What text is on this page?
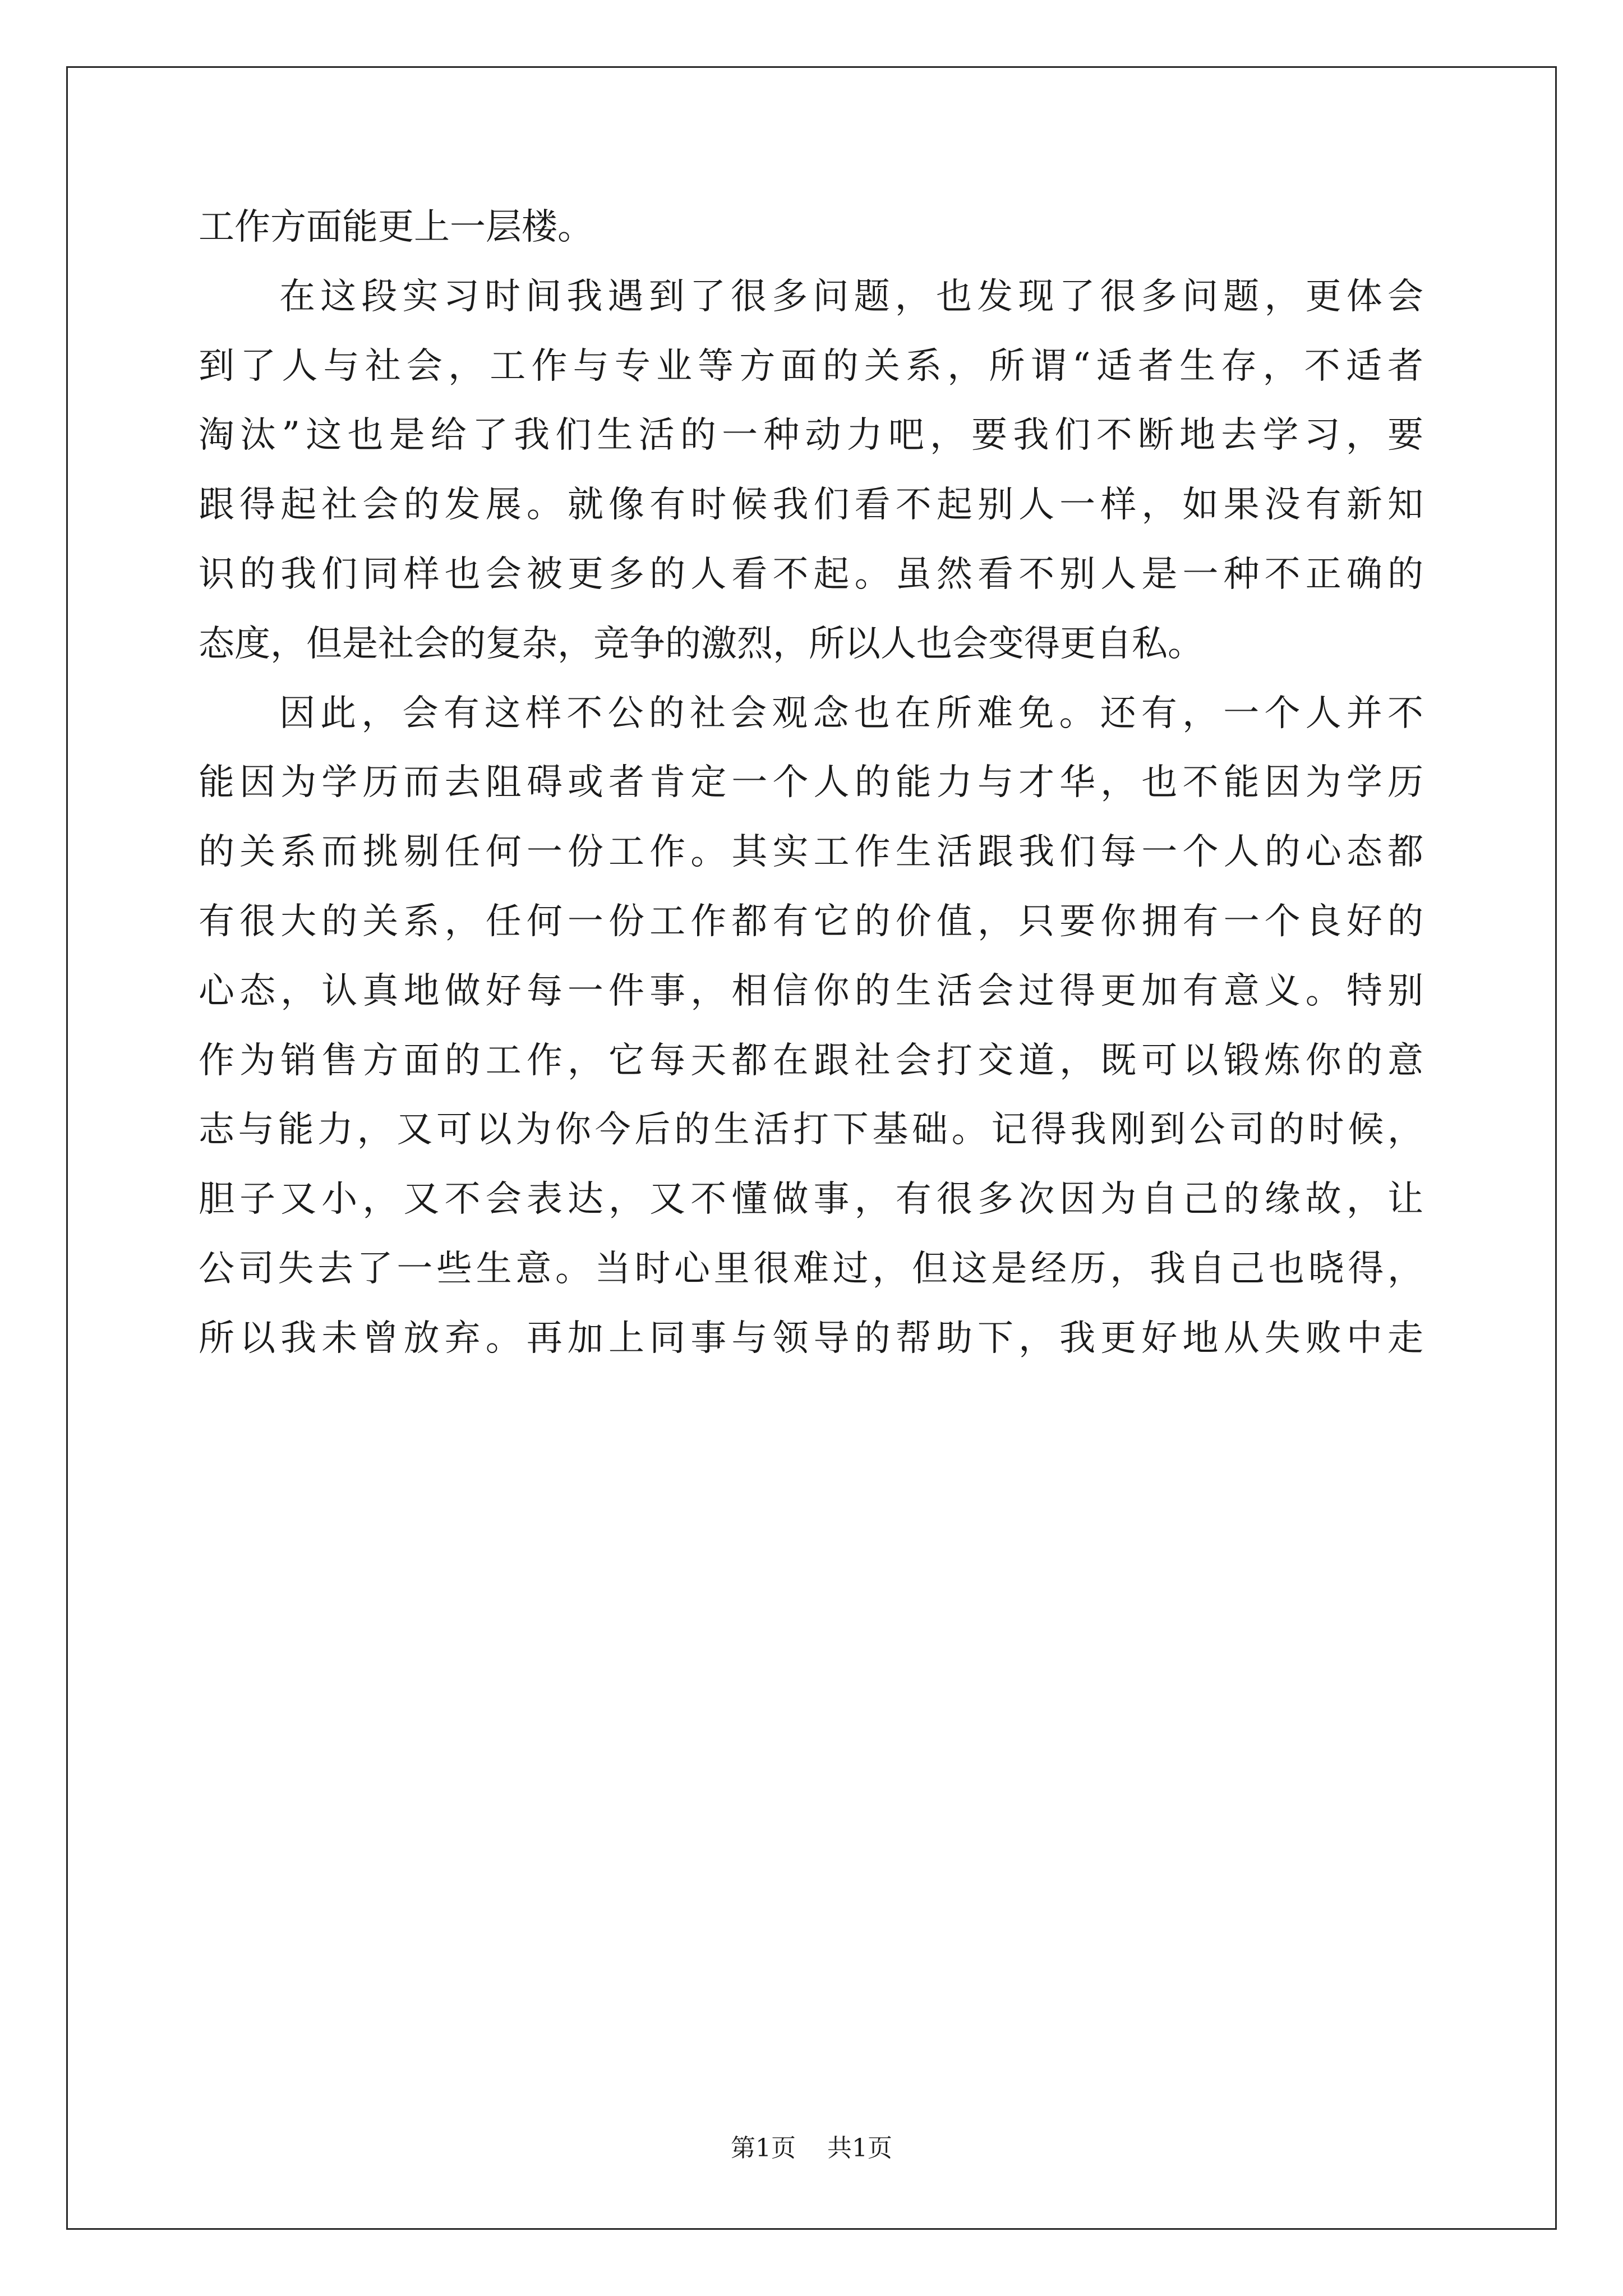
工作方面能更上一层楼。
在这段实习时间我遇到了很多问题，也发现了很多问题，更体会
到了人与社会，工作与专业等方面的关系，所谓“适者生存，不适者
淘汰”这也是给了我们生活的一种动力吧，要我们不断地去学习，要
跟得起社会的发展。就像有时候我们看不起别人一样，如果没有新知
识的我们同样也会被更多的人看不起。虽然看不别人是一种不正确的
态度，但是社会的复杂，竞争的激烈，所以人也会变得更自私。
因此，会有这样不公的社会观念也在所难免。还有，一个人并不
能因为学历而去阻碍或者肯定一个人的能力与才华，也不能因为学历
的关系而挑剔任何一份工作。其实工作生活跟我们每一个人的心态都
有很大的关系，任何一份工作都有它的价值，只要你拥有一个良好的
心态，认真地做好每一件事，相信你的生活会过得更加有意义。特别
作为销售方面的工作，它每天都在跟社会打交道，既可以锻炼你的意
志与能力，又可以为你今后的生活打下基础。记得我刚到公司的时候，
胆子又小，又不会表达，又不懂做事，有很多次因为自己的缘故，让
公司失去了一些生意。当时心里很难过，但这是经历，我自己也晓得，
所以我未曾放弃。再加上同事与领导的帮助下，我更好地从失败中走
第1页 共1页
